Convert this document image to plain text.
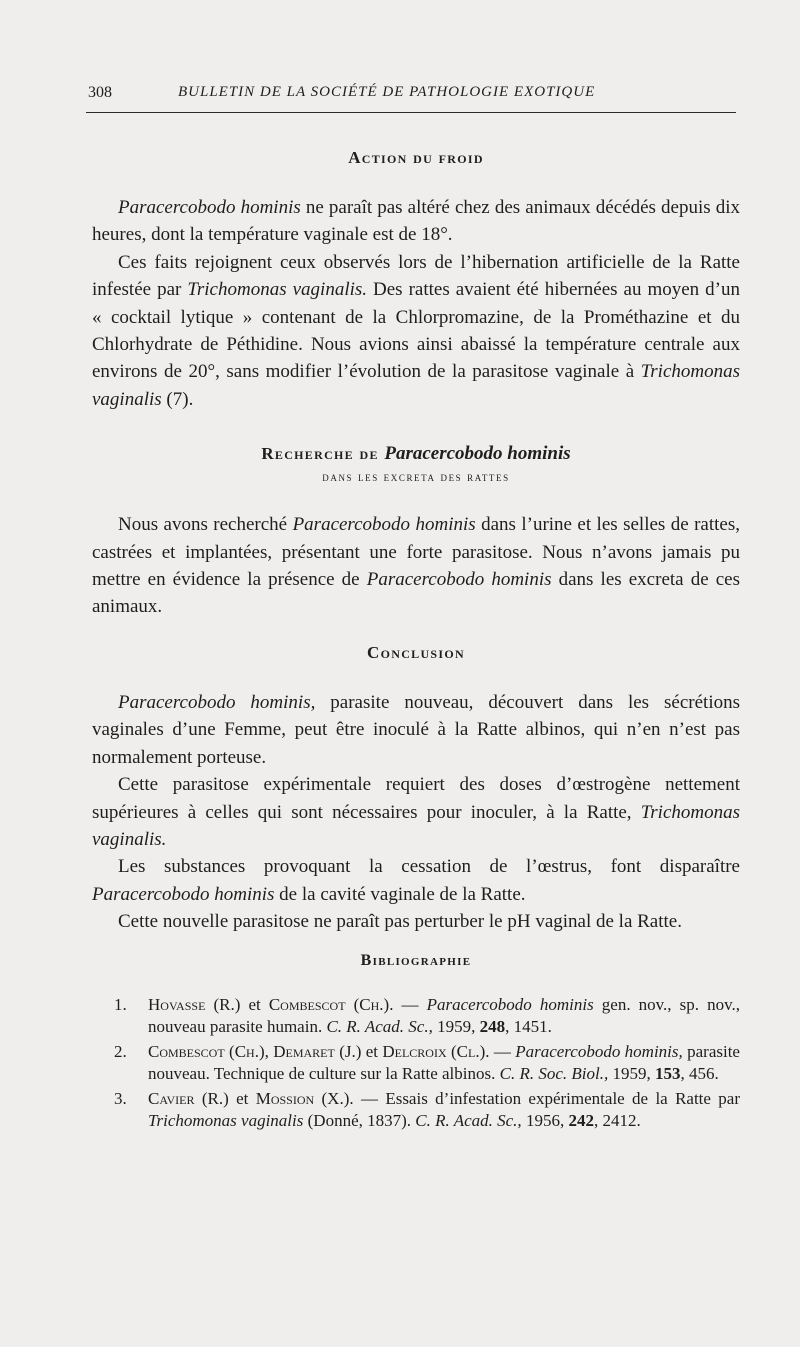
308	BULLETIN DE LA SOCIÉTÉ DE PATHOLOGIE EXOTIQUE
Action du froid

Paracercobodo hominis ne paraît pas altéré chez des animaux décédés depuis dix heures, dont la température vaginale est de 18°.

Ces faits rejoignent ceux observés lors de l’hibernation artificielle de la Ratte infestée par Trichomonas vaginalis. Des rattes avaient été hibernées au moyen d’un « cocktail lytique » contenant de la Chlorpromazine, de la Prométhazine et du Chlorhydrate de Péthidine. Nous avions ainsi abaissé la température centrale aux environs de 20°, sans modifier l’évolution de la parasitose vaginale à Trichomonas vaginalis (7).

Recherche de Paracercobodo hominis
dans les excreta des rattes

Nous avons recherché Paracercobodo hominis dans l’urine et les selles de rattes, castrées et implantées, présentant une forte parasitose. Nous n’avons jamais pu mettre en évidence la présence de Paracercobodo hominis dans les excreta de ces animaux.

Conclusion

Paracercobodo hominis, parasite nouveau, découvert dans les sécrétions vaginales d’une Femme, peut être inoculé à la Ratte albinos, qui n’en n’est pas normalement porteuse.

Cette parasitose expérimentale requiert des doses d’œstrogène nettement supérieures à celles qui sont nécessaires pour inoculer, à la Ratte, Trichomonas vaginalis.

Les substances provoquant la cessation de l’œstrus, font disparaître Paracercobodo hominis de la cavité vaginale de la Ratte.

Cette nouvelle parasitose ne paraît pas perturber le pH vaginal de la Ratte.

Bibliographie
1. Hovasse (R.) et Combescot (Ch.). — Paracercobodo hominis gen. nov., sp. nov., nouveau parasite humain. C. R. Acad. Sc., 1959, 248, 1451.
2. Combescot (Ch.), Demaret (J.) et Delcroix (Cl.). — Paracercobodo hominis, parasite nouveau. Technique de culture sur la Ratte albinos. C. R. Soc. Biol., 1959, 153, 456.
3. Cavier (R.) et Mossion (X.). — Essais d’infestation expérimentale de la Ratte par Trichomonas vaginalis (Donné, 1837). C. R. Acad. Sc., 1956, 242, 2412.
